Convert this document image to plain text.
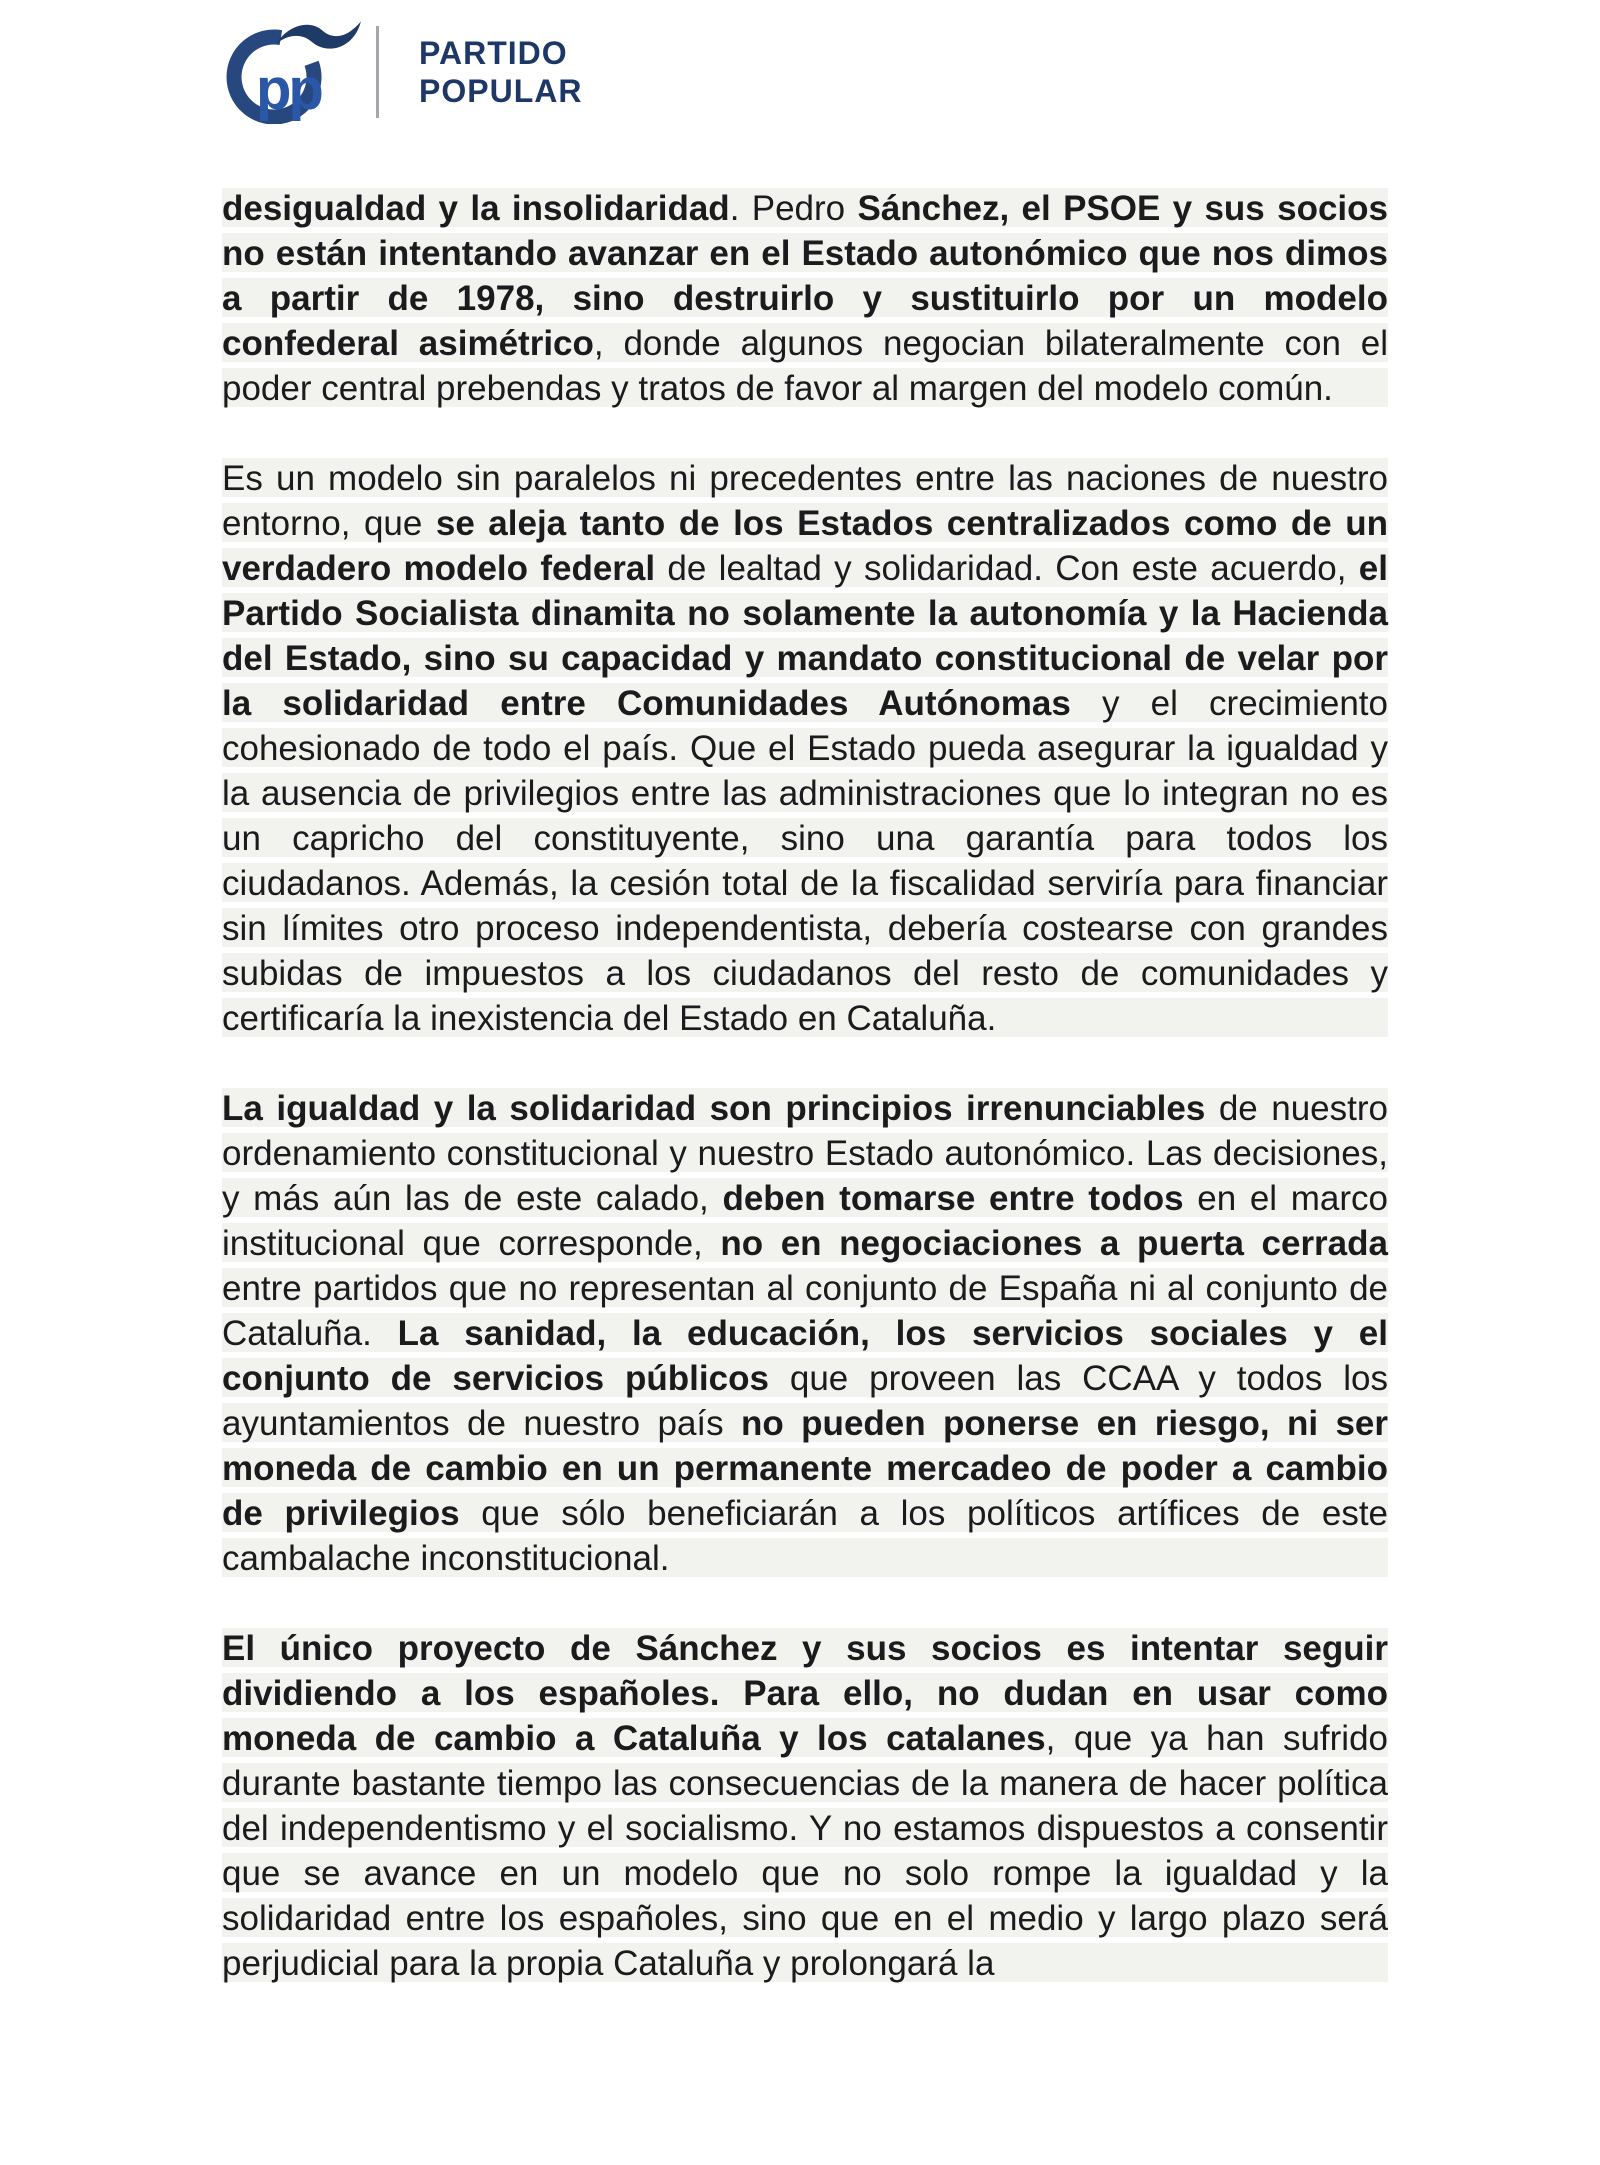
pp
PARTIDO
POPULAR

desigualdad y la insolidaridad. Pedro Sánchez, el PSOE y sus socios no están intentando avanzar en el Estado autonómico que nos dimos a partir de 1978, sino destruirlo y sustituirlo por un modelo confederal asimétrico, donde algunos negocian bilateralmente con el poder central prebendas y tratos de favor al margen del modelo común.

Es un modelo sin paralelos ni precedentes entre las naciones de nuestro entorno, que se aleja tanto de los Estados centralizados como de un verdadero modelo federal de lealtad y solidaridad. Con este acuerdo, el Partido Socialista dinamita no solamente la autonomía y la Hacienda del Estado, sino su capacidad y mandato constitucional de velar por la solidaridad entre Comunidades Autónomas y el crecimiento cohesionado de todo el país. Que el Estado pueda asegurar la igualdad y la ausencia de privilegios entre las administraciones que lo integran no es un capricho del constituyente, sino una garantía para todos los ciudadanos. Además, la cesión total de la fiscalidad serviría para financiar sin límites otro proceso independentista, debería costearse con grandes subidas de impuestos a los ciudadanos del resto de comunidades y certificaría la inexistencia del Estado en Cataluña.

La igualdad y la solidaridad son principios irrenunciables de nuestro ordenamiento constitucional y nuestro Estado autonómico. Las decisiones, y más aún las de este calado, deben tomarse entre todos en el marco institucional que corresponde, no en negociaciones a puerta cerrada entre partidos que no representan al conjunto de España ni al conjunto de Cataluña. La sanidad, la educación, los servicios sociales y el conjunto de servicios públicos que proveen las CCAA y todos los ayuntamientos de nuestro país no pueden ponerse en riesgo, ni ser moneda de cambio en un permanente mercadeo de poder a cambio de privilegios que sólo beneficiarán a los políticos artífices de este cambalache inconstitucional.

El único proyecto de Sánchez y sus socios es intentar seguir dividiendo a los españoles. Para ello, no dudan en usar como moneda de cambio a Cataluña y los catalanes, que ya han sufrido durante bastante tiempo las consecuencias de la manera de hacer política del independentismo y el socialismo. Y no estamos dispuestos a consentir que se avance en un modelo que no solo rompe la igualdad y la solidaridad entre los españoles, sino que en el medio y largo plazo será perjudicial para la propia Cataluña y prolongará la
